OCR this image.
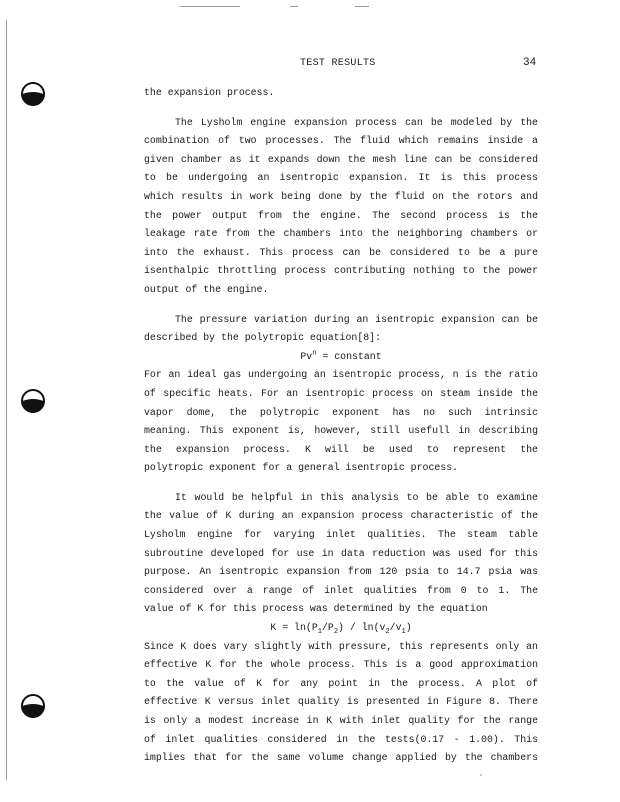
TEST RESULTS	34
the expansion process.
The Lysholm engine expansion process can be modeled by the
combination of two processes. The fluid which remains inside a
given chamber as it expands down the mesh line can be considered
to be undergoing an isentropic expansion. It is this process
which results in work being done by the fluid on the rotors and
the power output from the engine. The second process is the
leakage rate from the chambers into the neighboring chambers or
into the exhaust. This process can be considered to be a pure
isenthalpic throttling process contributing nothing to the power
output of the engine.
The pressure variation during an isentropic expansion can be
described by the polytropic equation[8]:
$Pv^n$ = constant
For an ideal gas undergoing an isentropic process, n is the ratio
of specific heats. For an isentropic process on steam inside the
vapor dome, the polytropic exponent has no such intrinsic
meaning. This exponent is, however, still usefull in describing
the expansion process. K will be used to represent the
polytropic exponent for a general isentropic process.
It would be helpful in this analysis to be able to examine
the value of K during an expansion process characteristic of the
Lysholm engine for varying inlet qualities. The steam table
subroutine developed for use in data reduction was used for this
purpose. An isentropic expansion from 120 psia to 14.7 psia was
considered over a range of inlet qualities from 0 to 1. The
value of K for this process was determined by the equation
$K = \ln(P_1/P_2) / \ln(v_2/v_1)$
Since K does vary slightly with pressure, this represents only an
effective K for the whole process. This is a good approximation
to the value of K for any point in the process. A plot of
effective K versus inlet quality is presented in Figure 8. There
is only a modest increase in K with inlet quality for the range
of inlet qualities considered in the tests(0.17 - 1.00). This
implies that for the same volume change applied by the chambers
